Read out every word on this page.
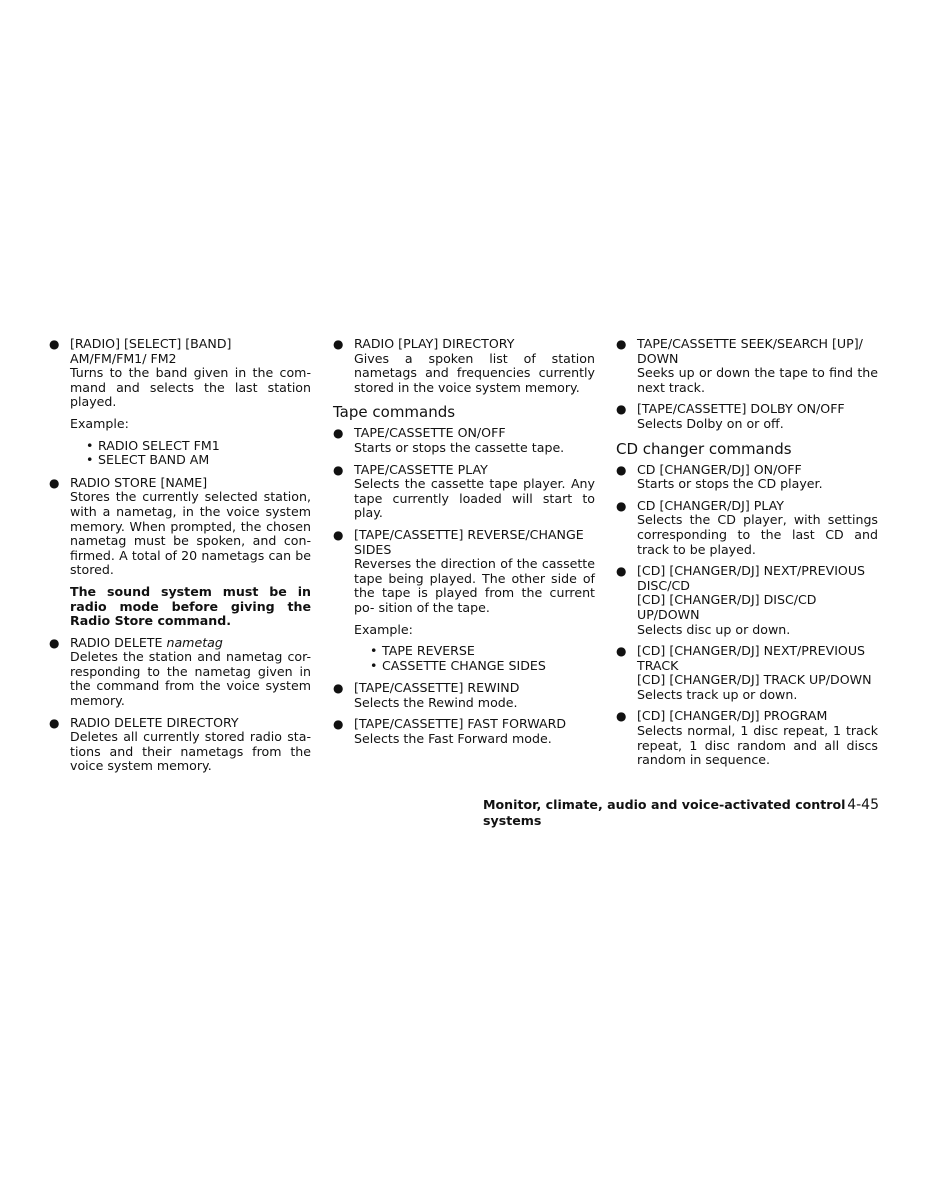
● [RADIO] [SELECT] [BAND] AM/FM/FM1/ FM2
Turns to the band given in the com- mand and selects the last station played.
Example:
• RADIO SELECT FM1
• SELECT BAND AM
● RADIO STORE [NAME]
Stores the currently selected station, with a nametag, in the voice system memory. When prompted, the chosen nametag must be spoken, and con- firmed. A total of 20 nametags can be stored.
The sound system must be in radio mode before giving the Radio Store command.
● RADIO DELETE nametag
Deletes the station and nametag cor- responding to the nametag given in the command from the voice system memory.
● RADIO DELETE DIRECTORY
Deletes all currently stored radio sta- tions and their nametags from the voice system memory.
● RADIO [PLAY] DIRECTORY
Gives a spoken list of station nametags and frequencies currently stored in the voice system memory.
Tape commands
● TAPE/CASSETTE ON/OFF
Starts or stops the cassette tape.
● TAPE/CASSETTE PLAY
Selects the cassette tape player. Any tape currently loaded will start to play.
● [TAPE/CASSETTE] REVERSE/CHANGE SIDES
Reverses the direction of the cassette tape being played. The other side of the tape is played from the current po- sition of the tape.
Example:
• TAPE REVERSE
• CASSETTE CHANGE SIDES
● [TAPE/CASSETTE] REWIND
Selects the Rewind mode.
● [TAPE/CASSETTE] FAST FORWARD
Selects the Fast Forward mode.
● TAPE/CASSETTE SEEK/SEARCH [UP]/ DOWN
Seeks up or down the tape to find the next track.
● [TAPE/CASSETTE] DOLBY ON/OFF
Selects Dolby on or off.
CD changer commands
● CD [CHANGER/DJ] ON/OFF
Starts or stops the CD player.
● CD [CHANGER/DJ] PLAY
Selects the CD player, with settings corresponding to the last CD and track to be played.
● [CD] [CHANGER/DJ] NEXT/PREVIOUS DISC/CD
[CD] [CHANGER/DJ] DISC/CD UP/DOWN
Selects disc up or down.
● [CD] [CHANGER/DJ] NEXT/PREVIOUS TRACK
[CD] [CHANGER/DJ] TRACK UP/DOWN
Selects track up or down.
● [CD] [CHANGER/DJ] PROGRAM
Selects normal, 1 disc repeat, 1 track repeat, 1 disc random and all discs random in sequence.
Monitor, climate, audio and voice-activated control systems
4-45
